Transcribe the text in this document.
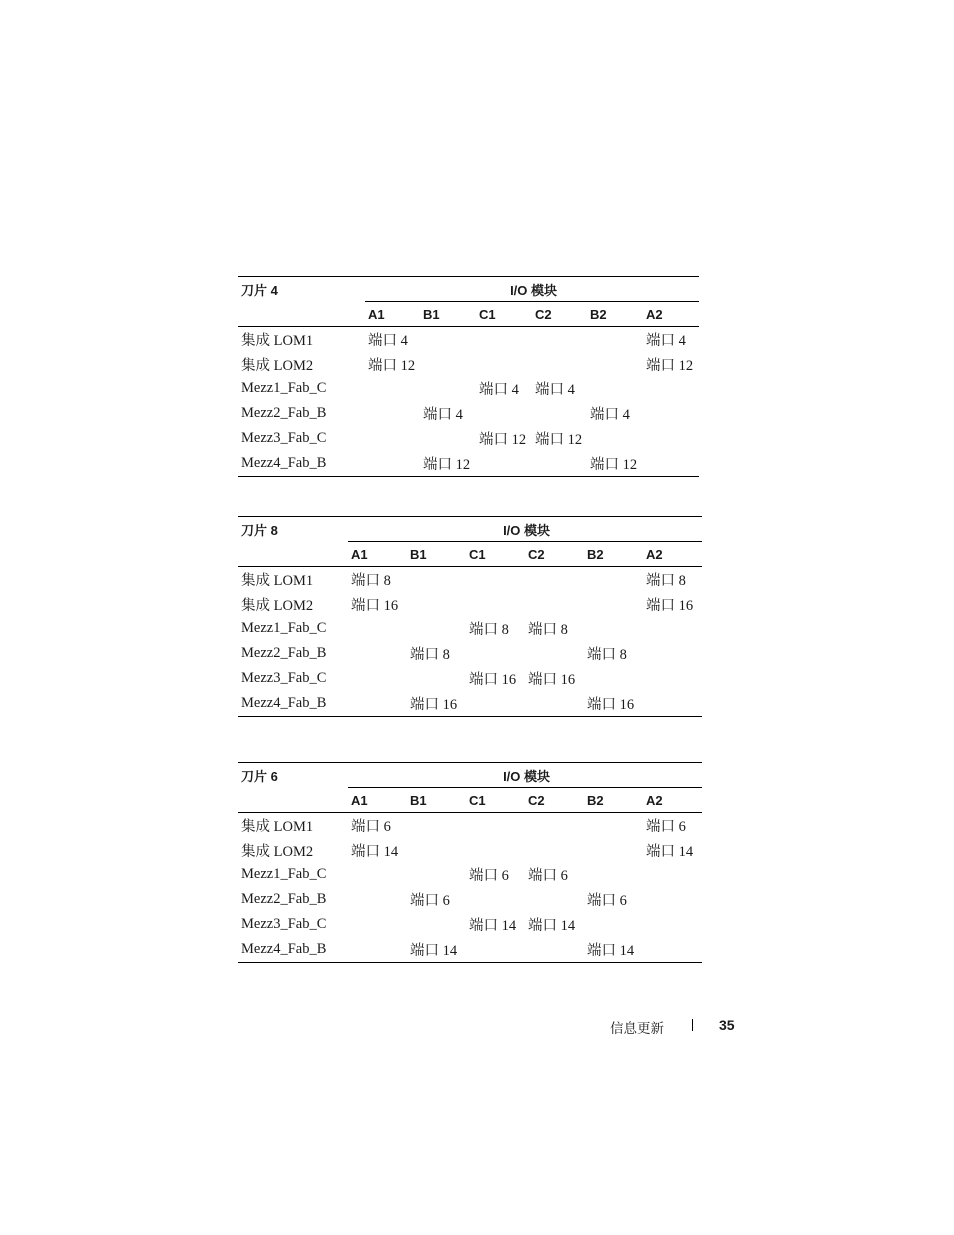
刀片 4	I/O 模块					
	A1	B1	C1	C2	B2	A2
集成 LOM1	端口 4					端口 4
集成 LOM2	端口 12					端口 12
Mezz1_Fab_C			端口 4	端口 4		
Mezz2_Fab_B		端口 4			端口 4	
Mezz3_Fab_C			端口 12	端口 12		
Mezz4_Fab_B		端口 12			端口 12	
刀片 8	I/O 模块					
	A1	B1	C1	C2	B2	A2
集成 LOM1	端口 8					端口 8
集成 LOM2	端口 16					端口 16
Mezz1_Fab_C			端口 8	端口 8		
Mezz2_Fab_B		端口 8			端口 8	
Mezz3_Fab_C			端口 16	端口 16		
Mezz4_Fab_B		端口 16			端口 16	
刀片 6	I/O 模块					
	A1	B1	C1	C2	B2	A2
集成 LOM1	端口 6					端口 6
集成 LOM2	端口 14					端口 14
Mezz1_Fab_C			端口 6	端口 6		
Mezz2_Fab_B		端口 6			端口 6	
Mezz3_Fab_C			端口 14	端口 14		
Mezz4_Fab_B		端口 14			端口 14	
信息更新	35
